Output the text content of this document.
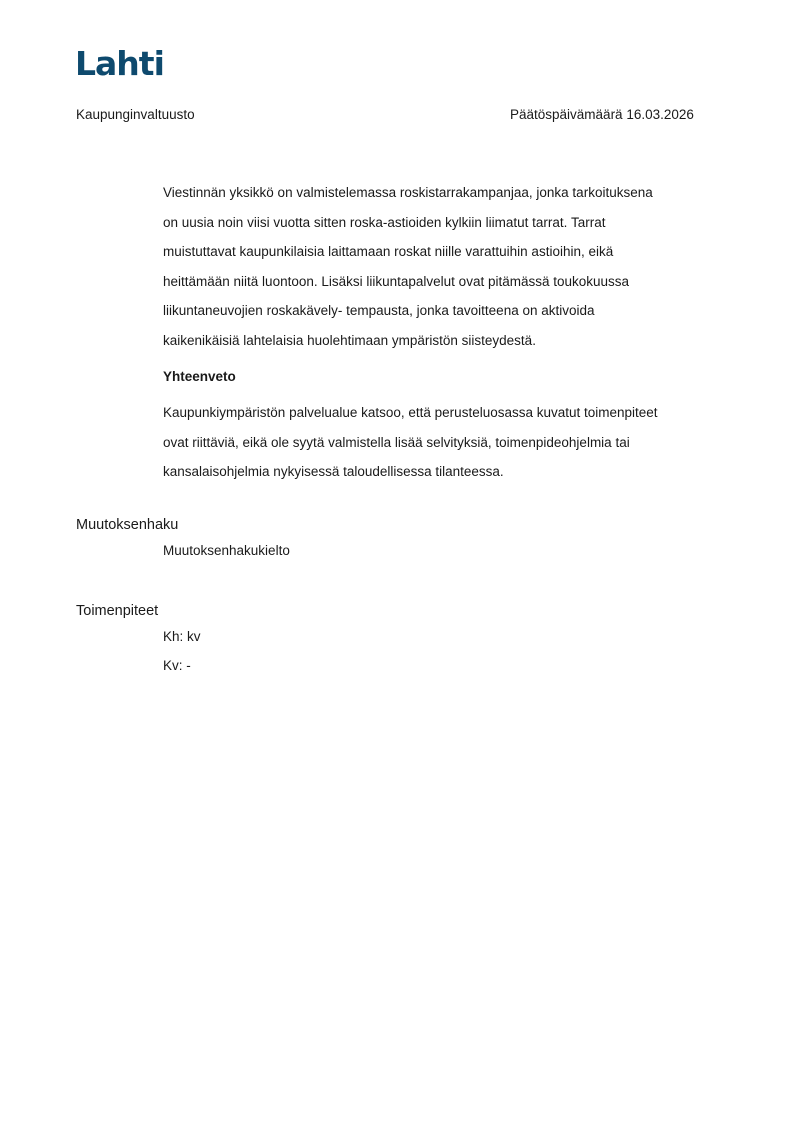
Lahti
Kaupunginvaltuusto	Päätöspäivämäärä 16.03.2026

Viestinnän yksikkö on valmistelemassa roskistarrakampanjaa, jonka tarkoituksena
on uusia noin viisi vuotta sitten roska-astioiden kylkiin liimatut tarrat. Tarrat
muistuttavat kaupunkilaisia laittamaan roskat niille varattuihin astioihin, eikä
heittämään niitä luontoon. Lisäksi liikuntapalvelut ovat pitämässä toukokuussa
liikuntaneuvojien roskakävely- tempausta, jonka tavoitteena on aktivoida
kaikenikäisiä lahtelaisia huolehtimaan ympäristön siisteydestä.

Yhteenveto

Kaupunkiympäristön palvelualue katsoo, että perusteluosassa kuvatut toimenpiteet
ovat riittäviä, eikä ole syytä valmistella lisää selvityksiä, toimenpideohjelmia tai
kansalaisohjelmia nykyisessä taloudellisessa tilanteessa.

Muutoksenhaku
Muutoksenhakukielto
Toimenpiteet
Kh: kv
Kv: -
